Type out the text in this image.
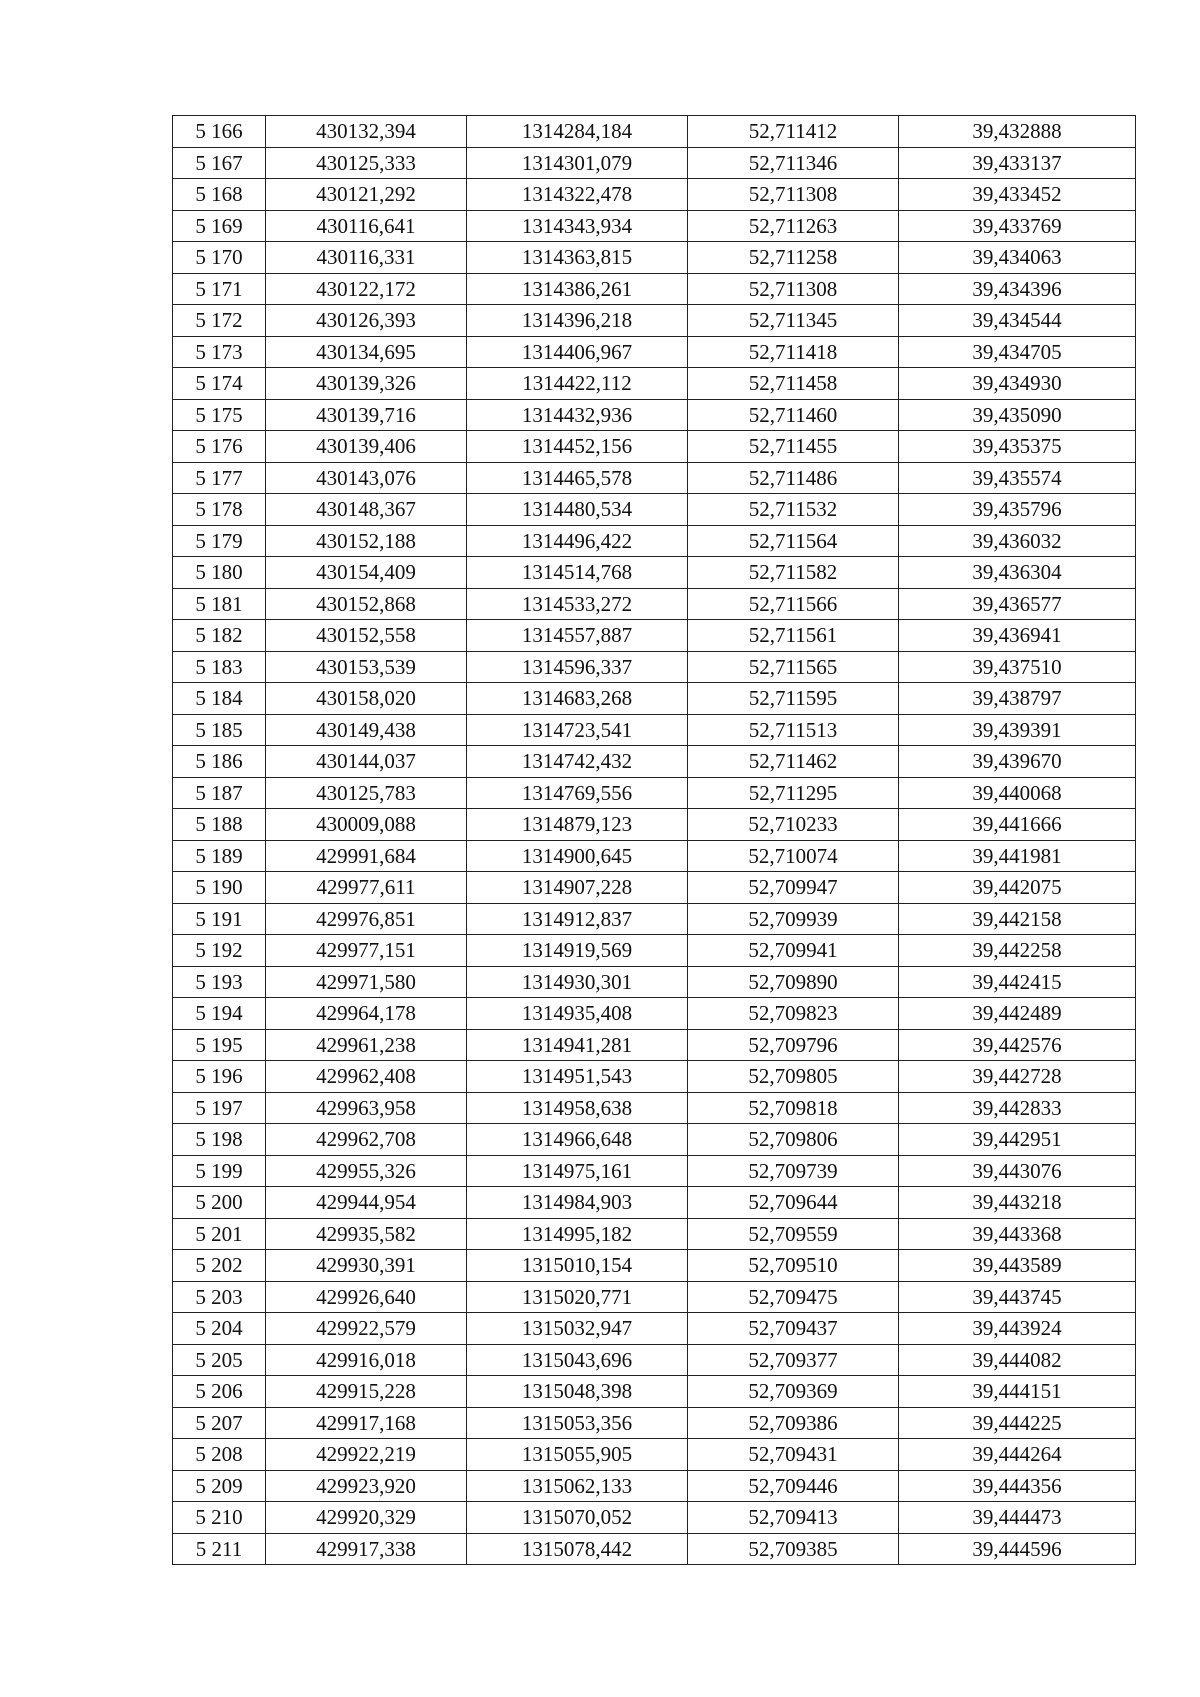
5 166	430132,394	1314284,184	52,711412	39,432888
5 167	430125,333	1314301,079	52,711346	39,433137
5 168	430121,292	1314322,478	52,711308	39,433452
5 169	430116,641	1314343,934	52,711263	39,433769
5 170	430116,331	1314363,815	52,711258	39,434063
5 171	430122,172	1314386,261	52,711308	39,434396
5 172	430126,393	1314396,218	52,711345	39,434544
5 173	430134,695	1314406,967	52,711418	39,434705
5 174	430139,326	1314422,112	52,711458	39,434930
5 175	430139,716	1314432,936	52,711460	39,435090
5 176	430139,406	1314452,156	52,711455	39,435375
5 177	430143,076	1314465,578	52,711486	39,435574
5 178	430148,367	1314480,534	52,711532	39,435796
5 179	430152,188	1314496,422	52,711564	39,436032
5 180	430154,409	1314514,768	52,711582	39,436304
5 181	430152,868	1314533,272	52,711566	39,436577
5 182	430152,558	1314557,887	52,711561	39,436941
5 183	430153,539	1314596,337	52,711565	39,437510
5 184	430158,020	1314683,268	52,711595	39,438797
5 185	430149,438	1314723,541	52,711513	39,439391
5 186	430144,037	1314742,432	52,711462	39,439670
5 187	430125,783	1314769,556	52,711295	39,440068
5 188	430009,088	1314879,123	52,710233	39,441666
5 189	429991,684	1314900,645	52,710074	39,441981
5 190	429977,611	1314907,228	52,709947	39,442075
5 191	429976,851	1314912,837	52,709939	39,442158
5 192	429977,151	1314919,569	52,709941	39,442258
5 193	429971,580	1314930,301	52,709890	39,442415
5 194	429964,178	1314935,408	52,709823	39,442489
5 195	429961,238	1314941,281	52,709796	39,442576
5 196	429962,408	1314951,543	52,709805	39,442728
5 197	429963,958	1314958,638	52,709818	39,442833
5 198	429962,708	1314966,648	52,709806	39,442951
5 199	429955,326	1314975,161	52,709739	39,443076
5 200	429944,954	1314984,903	52,709644	39,443218
5 201	429935,582	1314995,182	52,709559	39,443368
5 202	429930,391	1315010,154	52,709510	39,443589
5 203	429926,640	1315020,771	52,709475	39,443745
5 204	429922,579	1315032,947	52,709437	39,443924
5 205	429916,018	1315043,696	52,709377	39,444082
5 206	429915,228	1315048,398	52,709369	39,444151
5 207	429917,168	1315053,356	52,709386	39,444225
5 208	429922,219	1315055,905	52,709431	39,444264
5 209	429923,920	1315062,133	52,709446	39,444356
5 210	429920,329	1315070,052	52,709413	39,444473
5 211	429917,338	1315078,442	52,709385	39,444596
